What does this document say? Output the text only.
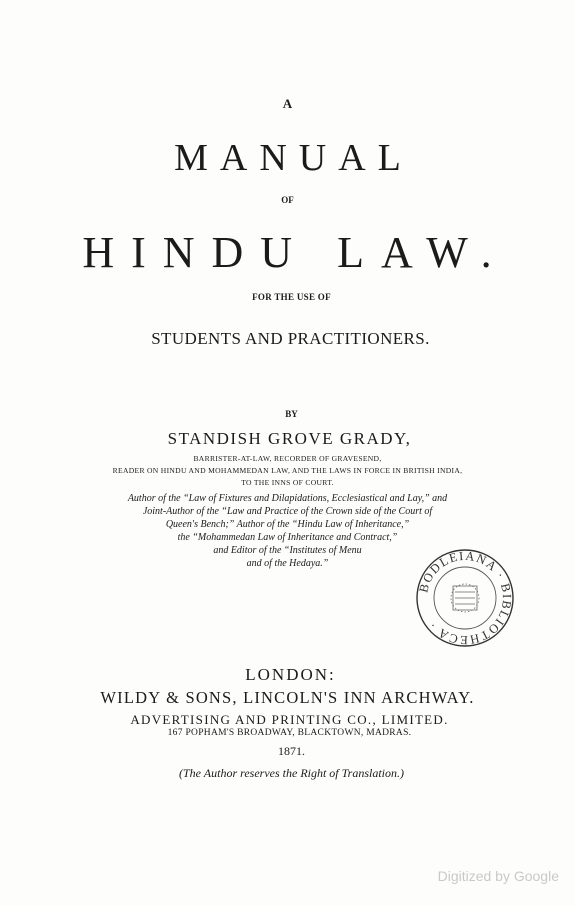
A
MANUAL
OF
HINDU LAW.
FOR THE USE OF
STUDENTS AND PRACTITIONERS.
BY
STANDISH GROVE GRADY,
BARRISTER-AT-LAW, RECORDER OF GRAVESEND,
READER ON HINDU AND MOHAMMEDAN LAW, AND THE LAWS IN FORCE IN BRITISH INDIA,
TO THE INNS OF COURT.
Author of the “Law of Fixtures and Dilapidations, Ecclesiastical and Lay,” and
Joint-Author of the “Law and Practice of the Crown side of the Court of
Queen's Bench;” Author of the “Hindu Law of Inheritance,”
the “Mohammedan Law of Inheritance and Contract,”
and Editor of the “Institutes of Menu
and of the Hedaya.”
LONDON:
WILDY & SONS, LINCOLN'S INN ARCHWAY.
ADVERTISING AND PRINTING CO., LIMITED.
167 POPHAM'S BROADWAY, BLACKTOWN, MADRAS.
1871.
(The Author reserves the Right of Translation.)
BODLEIANA · BIBLIOTHECA ·
Digitized by Google
